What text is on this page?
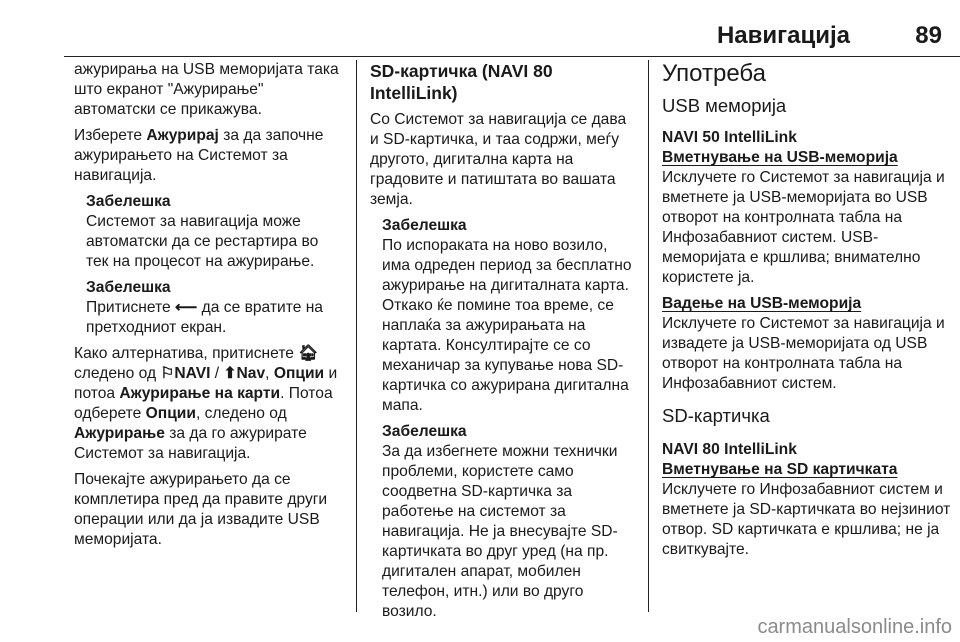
Навигација	89

ажурирања на USB меморијата така што екранот "Ажурирање" автоматски се прикажува.

Изберете Ажурирај за да започне ажурирањето на Системот за навигација.

Забелешка
Системот за навигација може автоматски да се рестартира во тек на процесот на ажурирање.
Забелешка
Притиснете ⟵ да се вратите на претходниот екран.

Како алтернатива, притиснете 🏠︎ следено од ⚐NAVI / ⬆Nav, Опции и потоа Ажурирање на карти. Потоа одберете Опции, следено од Ажурирање за да го ажурирате Системот за навигација.

Почекајте ажурирањето да се комплетира пред да правите други операции или да ја извадите USB меморијата.

SD-картичка (NAVI 80 IntelliLink)

Со Системот за навигација се дава и SD-картичка, и таа содржи, меѓу другото, дигитална карта на градовите и патиштата во вашата земја.

Забелешка
По испораката на ново возило, има одреден период за бесплатно ажурирање на дигиталната карта. Откако ќе помине тоа време, се наплаќа за ажурирањата на картата. Консултирајте се со механичар за купување нова SD-картичка со ажурирана дигитална мапа.
Забелешка
За да избегнете можни технички проблеми, користете само соодветна SD-картичка за работење на системот за навигација. Не ја внесувајте SD-картичката во друг уред (на пр. дигитален апарат, мобилен телефон, итн.) или во друго возило.
Употреба
USB меморија
NAVI 50 IntelliLink
Вметнување на USB-меморија

Исклучете го Системот за навигација и вметнете ја USB-меморијата во USB отворот на контролната табла на Инфозабавниот систем. USB-меморијата е кршлива; внимателно користете ја.

Вадење на USB-меморија

Исклучете го Системот за навигација и извадете ја USB-меморијата од USB отворот на контролната табла на Инфозабавниот систем.

SD-картичка
NAVI 80 IntelliLink
Вметнување на SD картичката

Исклучете го Инфозабавниот систем и вметнете ја SD-картичката во нејзиниот отвор. SD картичката е кршлива; не ја свиткувајте.

carmanualsonline.info
